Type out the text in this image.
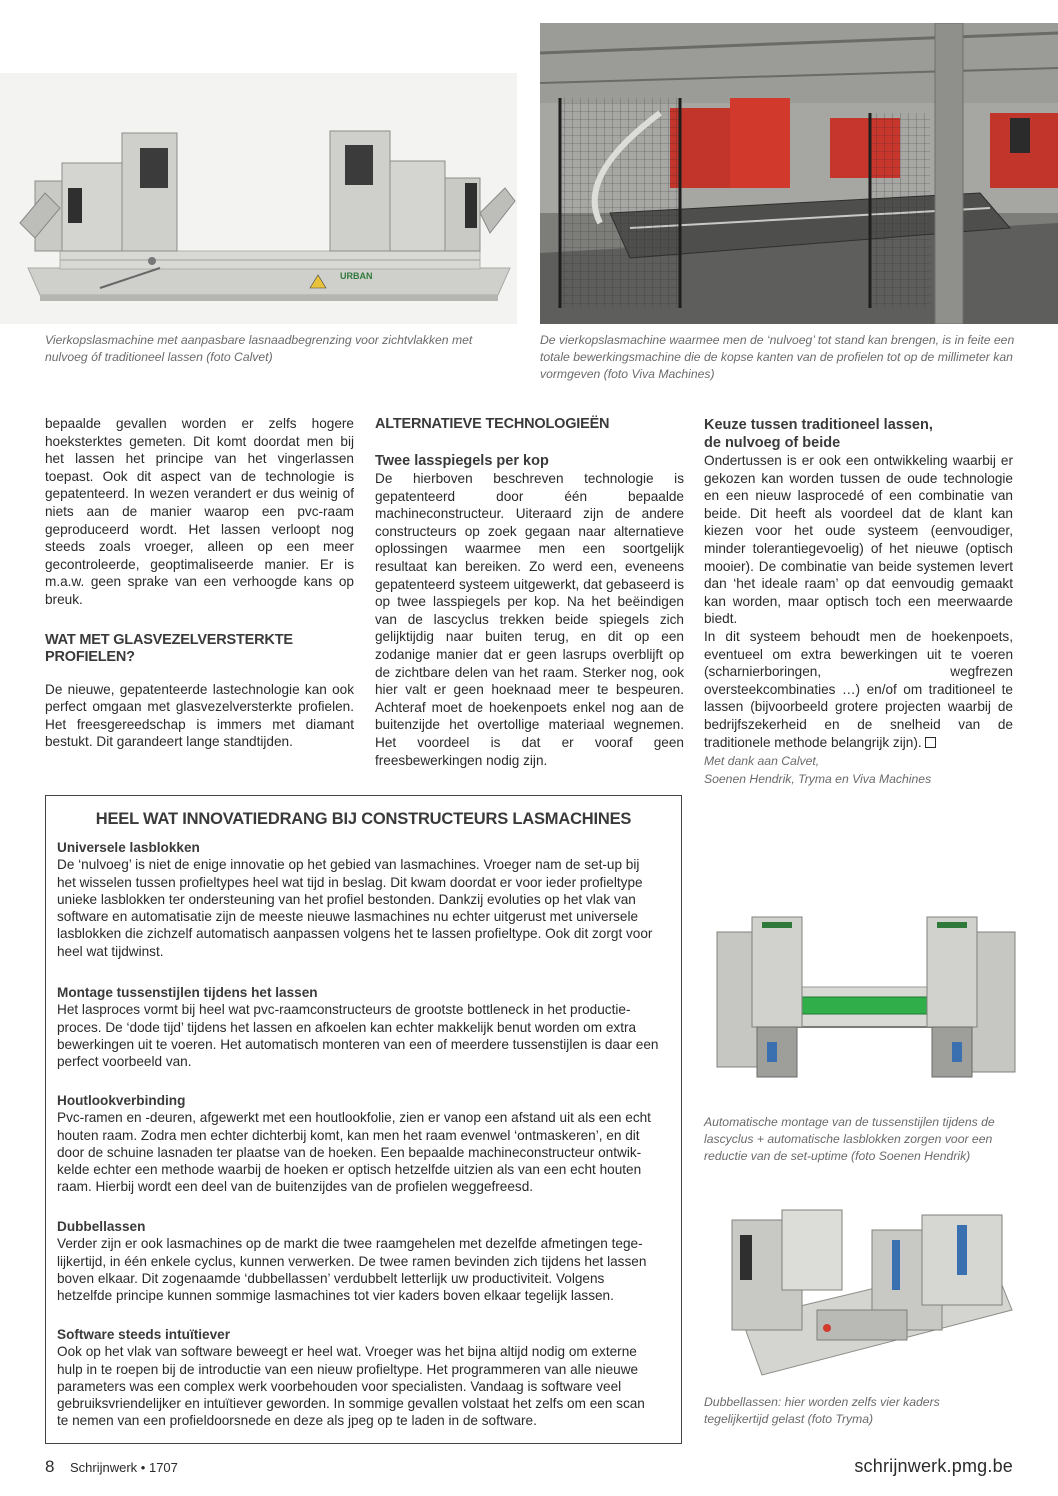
URBAN

Vierkopslasmachine met aanpasbare lasnaadbegrenzing voor zichtvlakken met nulvoeg óf traditioneel lassen (foto Calvet)

De vierkopslasmachine waarmee men de ‘nulvoeg’ tot stand kan brengen, is in feite een totale bewerkingsmachine die de kopse kanten van de profielen tot op de millimeter kan vormgeven (foto Viva Machines)

bepaalde gevallen worden er zelfs hogere hoeksterktes gemeten. Dit komt doordat men bij het lassen het principe van het vingerlassen toepast. Ook dit aspect van de technologie is gepatenteerd. In wezen verandert er dus weinig of niets aan de manier waarop een pvc-raam geproduceerd wordt. Het lassen verloopt nog steeds zoals vroeger, alleen op een meer gecontroleerde, geoptimaliseerde manier. Er is m.a.w. geen sprake van een verhoogde kans op breuk.

WAT MET GLASVEZELVERSTERKTE PROFIELEN?

De nieuwe, gepatenteerde lastechnologie kan ook perfect omgaan met glasvezelversterkte profielen. Het freesgereedschap is immers met diamant bestukt. Dit garandeert lange standtijden.

ALTERNATIEVE TECHNOLOGIEËN
Twee lasspiegels per kop

De hierboven beschreven technologie is gepatenteerd door één bepaalde machineconstructeur. Uiteraard zijn de andere constructeurs op zoek gegaan naar alternatieve oplossingen waarmee men een soortgelijk resultaat kan bereiken. Zo werd een, eveneens gepatenteerd systeem uitgewerkt, dat gebaseerd is op twee lasspiegels per kop. Na het beëindigen van de lascyclus trekken beide spiegels zich gelijktijdig naar buiten terug, en dit op een zodanige manier dat er geen lasrups overblijft op de zichtbare delen van het raam. Sterker nog, ook hier valt er geen hoeknaad meer te bespeuren. Achteraf moet de hoekenpoets enkel nog aan de buitenzijde het overtollige materiaal wegnemen. Het voordeel is dat er vooraf geen freesbewerkingen nodig zijn.

Keuze tussen traditioneel lassen, de nulvoeg of beide

Ondertussen is er ook een ontwikkeling waarbij er gekozen kan worden tussen de oude technologie en een nieuw lasprocedé of een combinatie van beide. Dit heeft als voordeel dat de klant kan kiezen voor het oude systeem (eenvoudiger, minder tolerantiegevoelig) of het nieuwe (optisch mooier). De combinatie van beide systemen levert dan ‘het ideale raam’ op dat eenvoudig gemaakt kan worden, maar optisch toch een meerwaarde biedt.

In dit systeem behoudt men de hoekenpoets, eventueel om extra bewerkingen uit te voeren (scharnierboringen, wegfrezen oversteekcombinaties …) en/of om traditioneel te lassen (bijvoorbeeld grotere projecten waarbij de bedrijfszekerheid en de snelheid van de traditionele methode belangrijk zijn).

Met dank aan Calvet,

Soenen Hendrik, Tryma en Viva Machines

HEEL WAT INNOVATIEDRANG BIJ CONSTRUCTEURS LASMACHINES
Universele lasblokken

De ‘nulvoeg’ is niet de enige innovatie op het gebied van lasmachines. Vroeger nam de set-up bij

het wisselen tussen profieltypes heel wat tijd in beslag. Dit kwam doordat er voor ieder profieltype

unieke lasblokken ter ondersteuning van het profiel bestonden. Dankzij evoluties op het vlak van

software en automatisatie zijn de meeste nieuwe lasmachines nu echter uitgerust met universele

lasblokken die zichzelf automatisch aanpassen volgens het te lassen profieltype. Ook dit zorgt voor

heel wat tijdwinst.

Montage tussenstijlen tijdens het lassen

Het lasproces vormt bij heel wat pvc-raamconstructeurs de grootste bottleneck in het productie-

proces. De ‘dode tijd’ tijdens het lassen en afkoelen kan echter makkelijk benut worden om extra

bewerkingen uit te voeren. Het automatisch monteren van een of meerdere tussenstijlen is daar een

perfect voorbeeld van.

Houtlookverbinding

Pvc-ramen en -deuren, afgewerkt met een houtlookfolie, zien er vanop een afstand uit als een echt

houten raam. Zodra men echter dichterbij komt, kan men het raam evenwel ‘ontmaskeren’, en dit

door de schuine lasnaden ter plaatse van de hoeken. Een bepaalde machineconstructeur ontwik-

kelde echter een methode waarbij de hoeken er optisch hetzelfde uitzien als van een echt houten

raam. Hierbij wordt een deel van de buitenzijdes van de profielen weggefreesd.

Dubbellassen

Verder zijn er ook lasmachines op de markt die twee raamgehelen met dezelfde afmetingen tege-

lijkertijd, in één enkele cyclus, kunnen verwerken. De twee ramen bevinden zich tijdens het lassen

boven elkaar. Dit zogenaamde ‘dubbellassen’ verdubbelt letterlijk uw productiviteit. Volgens

hetzelfde principe kunnen sommige lasmachines tot vier kaders boven elkaar tegelijk lassen.

Software steeds intuïtiever

Ook op het vlak van software beweegt er heel wat. Vroeger was het bijna altijd nodig om externe

hulp in te roepen bij de introductie van een nieuw profieltype. Het programmeren van alle nieuwe

parameters was een complex werk voorbehouden voor specialisten. Vandaag is software veel

gebruiksvriendelijker en intuïtiever geworden. In sommige gevallen volstaat het zelfs om een scan

te nemen van een profieldoorsnede en deze als jpeg op te laden in de software.

Automatische montage van de tussenstijlen tijdens de lascyclus + automatische lasblokken zorgen voor een reductie van de set-uptime (foto Soenen Hendrik)

Dubbellassen: hier worden zelfs vier kaders tegelijkertijd gelast (foto Tryma)

8 Schrijnwerk • 1707	schrijnwerk.pmg.be
